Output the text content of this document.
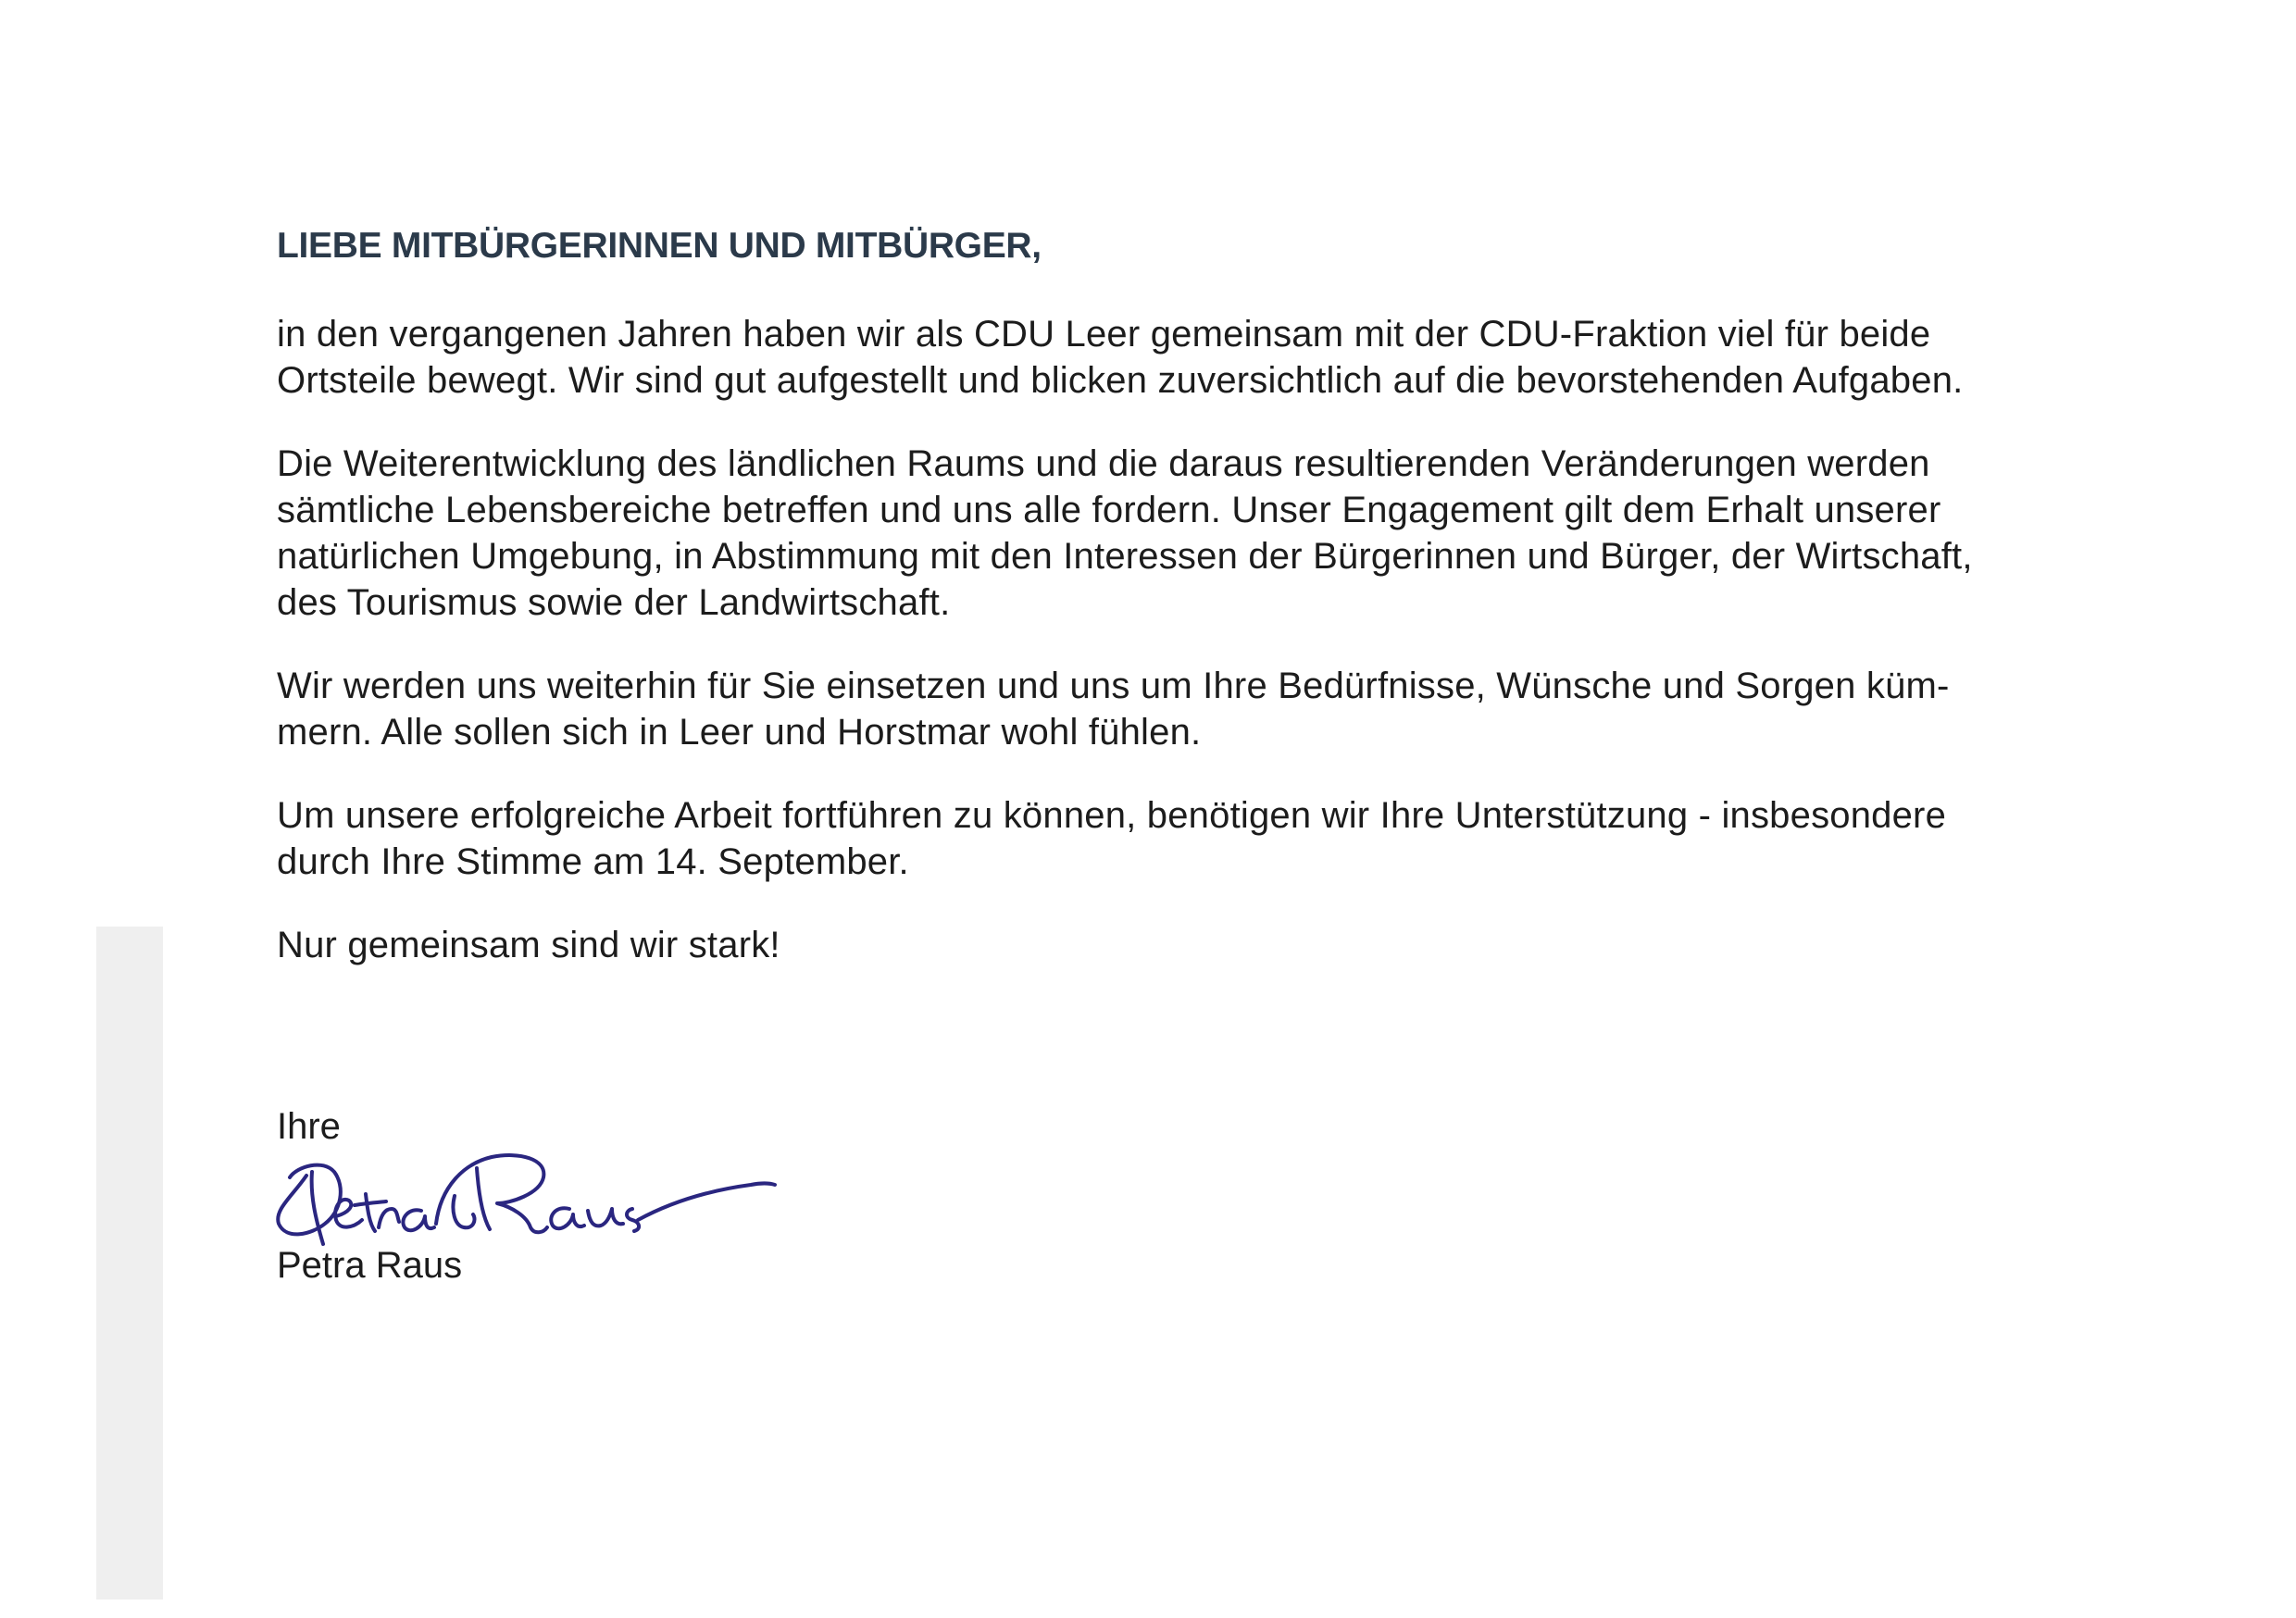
LIEBE MITBÜRGERINNEN UND MITBÜRGER,

in den vergangenen Jahren haben wir als CDU Leer gemeinsam mit der CDU-Fraktion viel für beide
Ortsteile bewegt. Wir sind gut aufgestellt und blicken zuversichtlich auf die bevorstehenden Aufgaben.

Die Weiterentwicklung des ländlichen Raums und die daraus resultierenden Veränderungen werden
sämtliche Lebensbereiche betreffen und uns alle fordern. Unser Engagement gilt dem Erhalt unserer
natürlichen Umgebung, in Abstimmung mit den Interessen der Bürgerinnen und Bürger, der Wirtschaft,
des Tourismus sowie der Landwirtschaft.

Wir werden uns weiterhin für Sie einsetzen und uns um Ihre Bedürfnisse, Wünsche und Sorgen küm-
mern. Alle sollen sich in Leer und Horstmar wohl fühlen.

Um unsere erfolgreiche Arbeit fortführen zu können, benötigen wir Ihre Unterstützung - insbesondere
durch Ihre Stimme am 14. September.

Nur gemeinsam sind wir stark!

Ihre
Petra Raus
